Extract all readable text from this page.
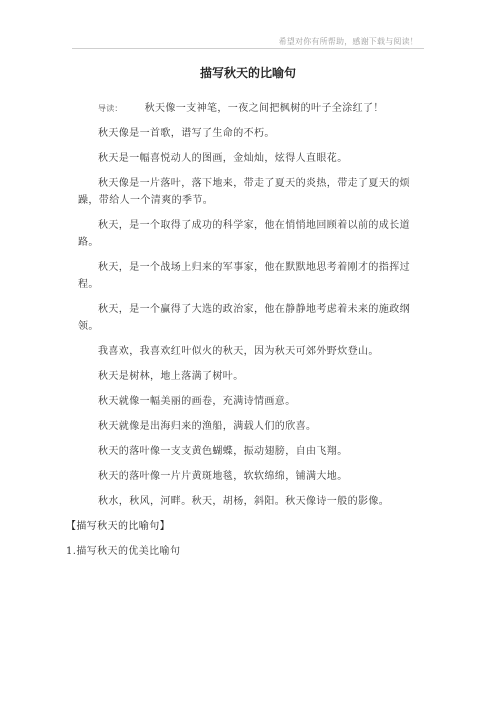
希望对你有所帮助，感谢下载与阅读！
描写秋天的比喻句

导读： 秋天像一支神笔，一夜之间把枫树的叶子全涂红了！

秋天像是一首歌，谱写了生命的不朽。

秋天是一幅喜悦动人的图画，金灿灿，炫得人直眼花。

秋天像是一片落叶，落下地来，带走了夏天的炎热，带走了夏天的烦躁，带给人一个清爽的季节。

秋天，是一个取得了成功的科学家，他在悄悄地回顾着以前的成长道路。

秋天，是一个战场上归来的军事家，他在默默地思考着刚才的指挥过程。

秋天，是一个赢得了大选的政治家，他在静静地考虑着未来的施政纲领。

我喜欢，我喜欢红叶似火的秋天，因为秋天可郊外野炊登山。

秋天是树林，地上落满了树叶。

秋天就像一幅美丽的画卷，充满诗情画意。

秋天就像是出海归来的渔船，满载人们的欣喜。

秋天的落叶像一支支黄色蝴蝶，振动翅膀，自由飞翔。

秋天的落叶像一片片黄斑地毯，软软绵绵，铺满大地。

秋水，秋风，河畔。秋天，胡杨，斜阳。秋天像诗一般的影像。

【描写秋天的比喻句】

1.描写秋天的优美比喻句
